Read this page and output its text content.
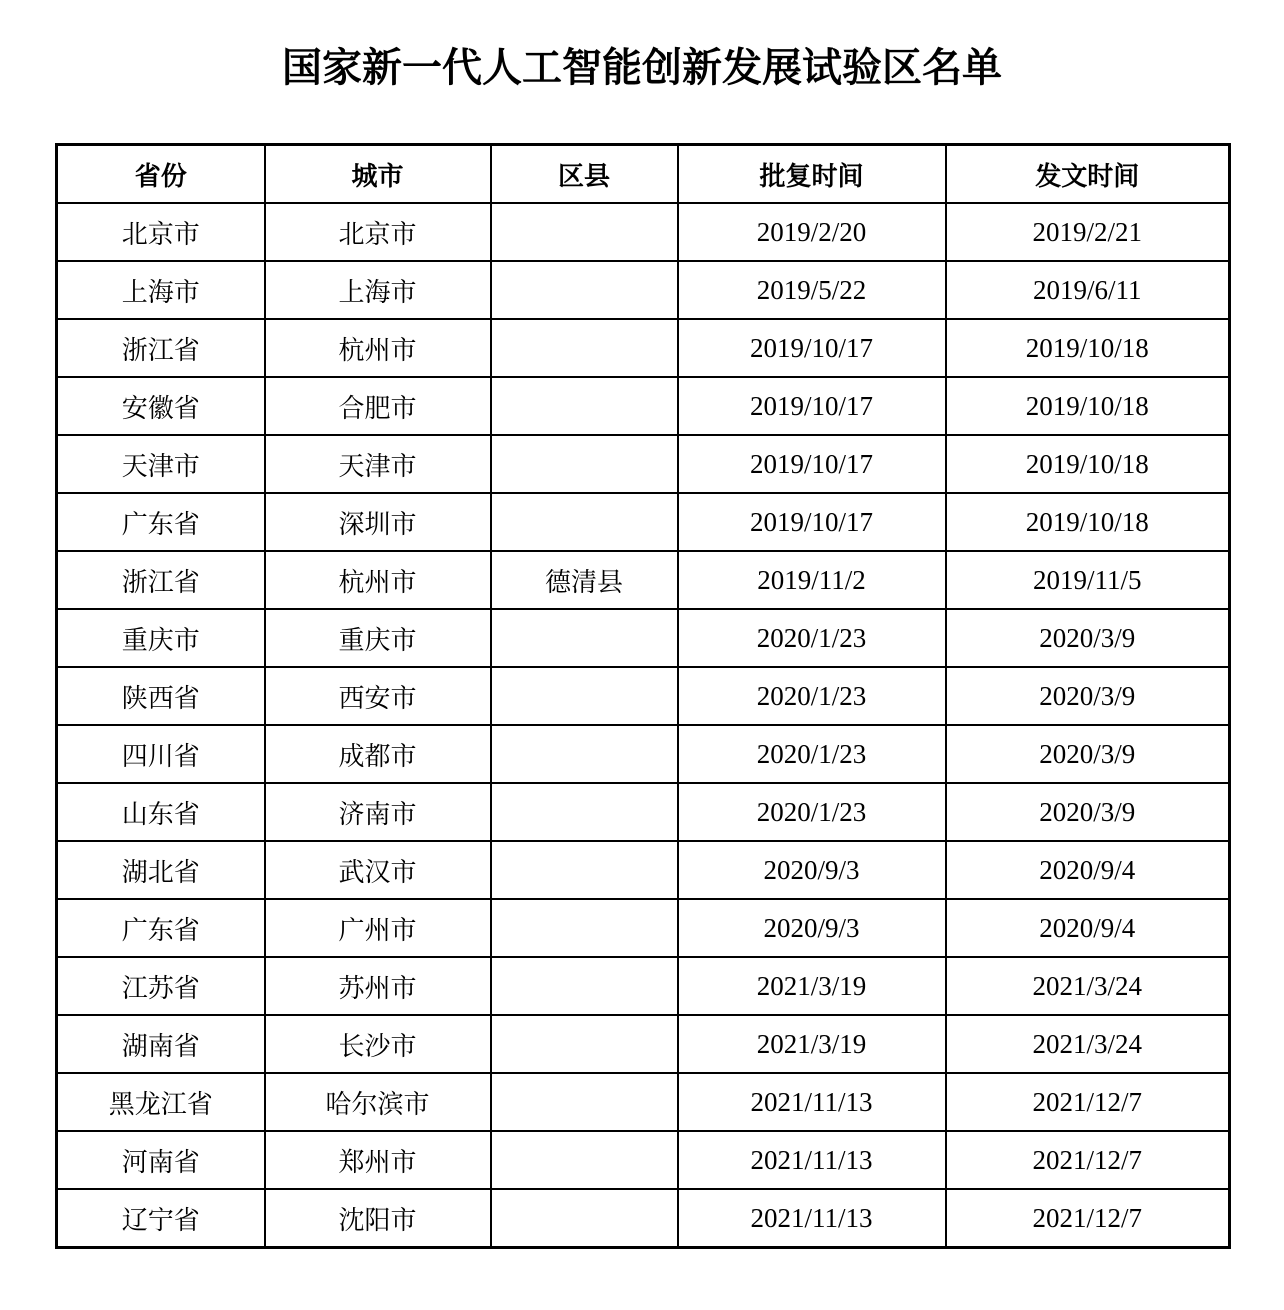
国家新一代人工智能创新发展试验区名单
省份	城市	区县	批复时间	发文时间
北京市	北京市		2019/2/20	2019/2/21
上海市	上海市		2019/5/22	2019/6/11
浙江省	杭州市		2019/10/17	2019/10/18
安徽省	合肥市		2019/10/17	2019/10/18
天津市	天津市		2019/10/17	2019/10/18
广东省	深圳市		2019/10/17	2019/10/18
浙江省	杭州市	德清县	2019/11/2	2019/11/5
重庆市	重庆市		2020/1/23	2020/3/9
陕西省	西安市		2020/1/23	2020/3/9
四川省	成都市		2020/1/23	2020/3/9
山东省	济南市		2020/1/23	2020/3/9
湖北省	武汉市		2020/9/3	2020/9/4
广东省	广州市		2020/9/3	2020/9/4
江苏省	苏州市		2021/3/19	2021/3/24
湖南省	长沙市		2021/3/19	2021/3/24
黑龙江省	哈尔滨市		2021/11/13	2021/12/7
河南省	郑州市		2021/11/13	2021/12/7
辽宁省	沈阳市		2021/11/13	2021/12/7
